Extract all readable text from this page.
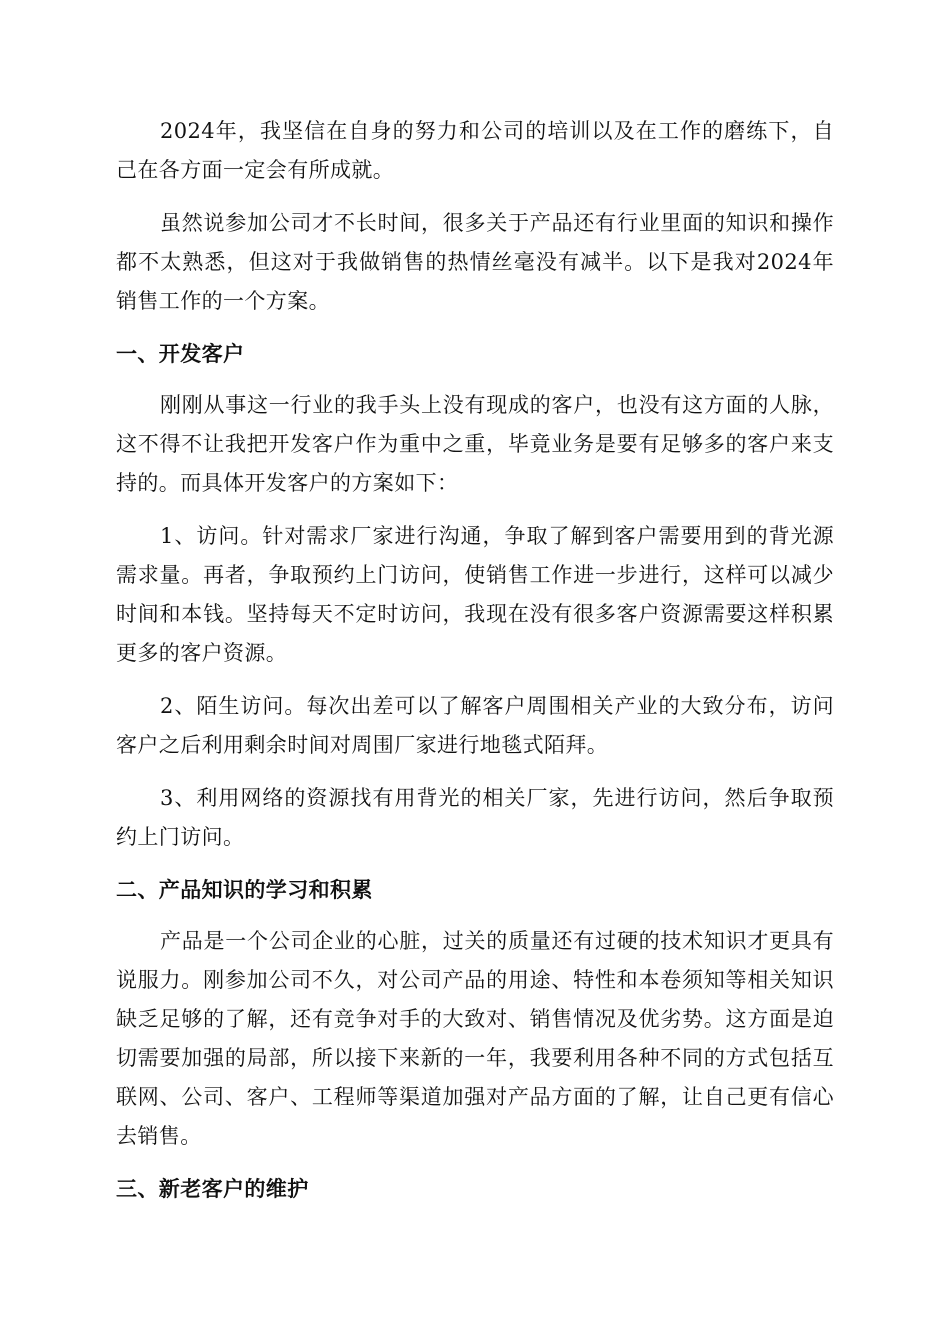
2024年，我坚信在自身的努力和公司的培训以及在工作的磨练下，自己在各方面一定会有所成就。

虽然说参加公司才不长时间，很多关于产品还有行业里面的知识和操作都不太熟悉，但这对于我做销售的热情丝毫没有减半。以下是我对2024年销售工作的一个方案。

一、开发客户

刚刚从事这一行业的我手头上没有现成的客户，也没有这方面的人脉，这不得不让我把开发客户作为重中之重，毕竟业务是要有足够多的客户来支持的。而具体开发客户的方案如下：

1、访问。针对需求厂家进行沟通，争取了解到客户需要用到的背光源需求量。再者，争取预约上门访问，使销售工作进一步进行，这样可以减少时间和本钱。坚持每天不定时访问，我现在没有很多客户资源需要这样积累更多的客户资源。

2、陌生访问。每次出差可以了解客户周围相关产业的大致分布，访问客户之后利用剩余时间对周围厂家进行地毯式陌拜。

3、利用网络的资源找有用背光的相关厂家，先进行访问，然后争取预约上门访问。

二、产品知识的学习和积累

产品是一个公司企业的心脏，过关的质量还有过硬的技术知识才更具有说服力。刚参加公司不久，对公司产品的用途、特性和本卷须知等相关知识缺乏足够的了解，还有竞争对手的大致对、销售情况及优劣势。这方面是迫切需要加强的局部，所以接下来新的一年，我要利用各种不同的方式包括互联网、公司、客户、工程师等渠道加强对产品方面的了解，让自己更有信心去销售。

三、新老客户的维护
